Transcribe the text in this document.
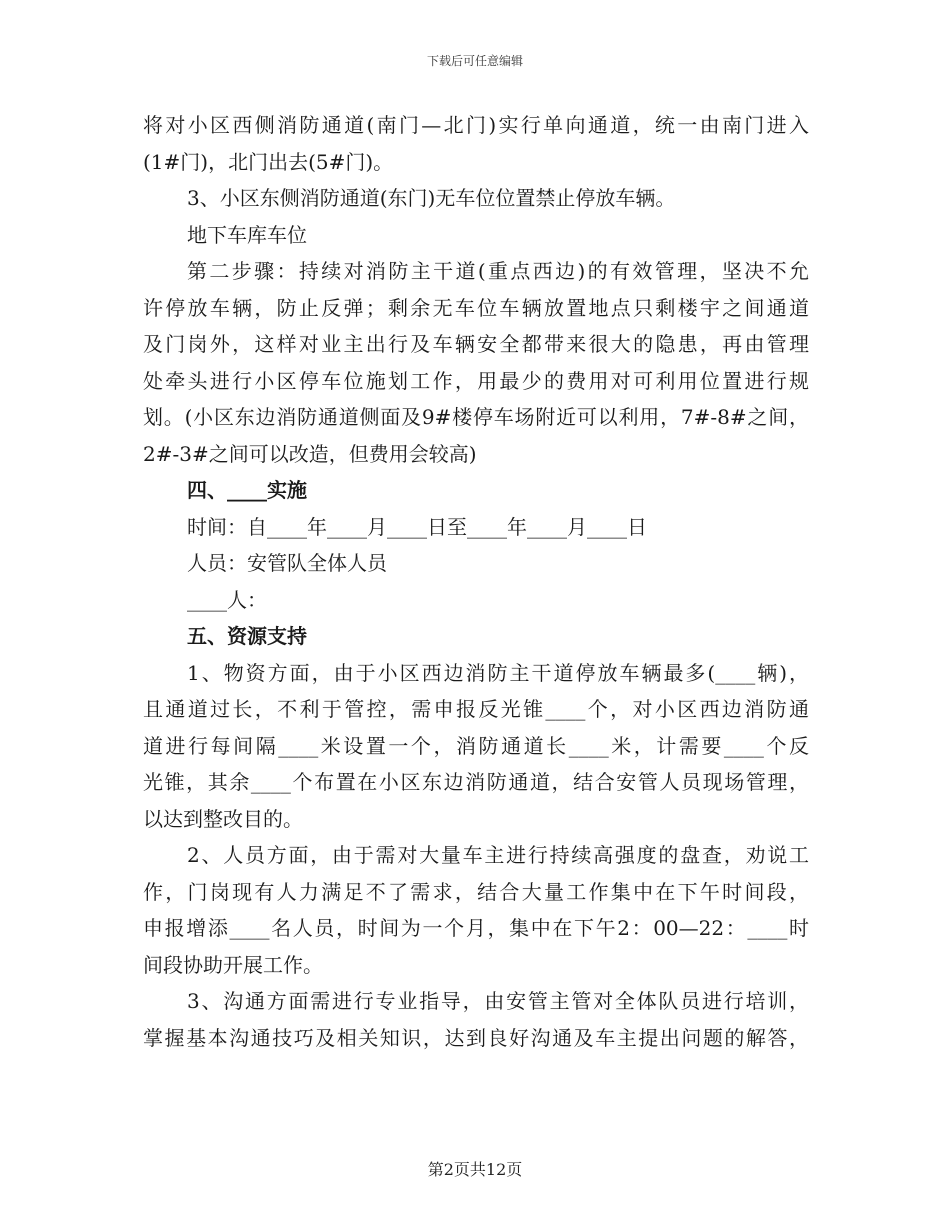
下载后可任意编辑
将对小区西侧消防通道(南门—北门)实行单向通道，统一由南门进入
(1#门)，北门出去(5#门)。
3、小区东侧消防通道(东门)无车位位置禁止停放车辆。
地下车库车位
第二步骤：持续对消防主干道(重点西边)的有效管理，坚决不允
许停放车辆，防止反弹；剩余无车位车辆放置地点只剩楼宇之间通道
及门岗外，这样对业主出行及车辆安全都带来很大的隐患，再由管理
处牵头进行小区停车位施划工作，用最少的费用对可利用位置进行规
划。(小区东边消防通道侧面及9#楼停车场附近可以利用，7#-8#之间，
2#-3#之间可以改造，但费用会较高)
四、____实施
时间：自____年____月____日至____年____月____日
人员：安管队全体人员
____人：
五、资源支持
1、物资方面，由于小区西边消防主干道停放车辆最多(____辆)，
且通道过长，不利于管控，需申报反光锥____个，对小区西边消防通
道进行每间隔____米设置一个，消防通道长____米，计需要____个反
光锥，其余____个布置在小区东边消防通道，结合安管人员现场管理，
以达到整改目的。
2、人员方面，由于需对大量车主进行持续高强度的盘查，劝说工
作，门岗现有人力满足不了需求，结合大量工作集中在下午时间段，
申报增添____名人员，时间为一个月，集中在下午2：00—22：____时
间段协助开展工作。
3、沟通方面需进行专业指导，由安管主管对全体队员进行培训，
掌握基本沟通技巧及相关知识，达到良好沟通及车主提出问题的解答，
第2页共12页
